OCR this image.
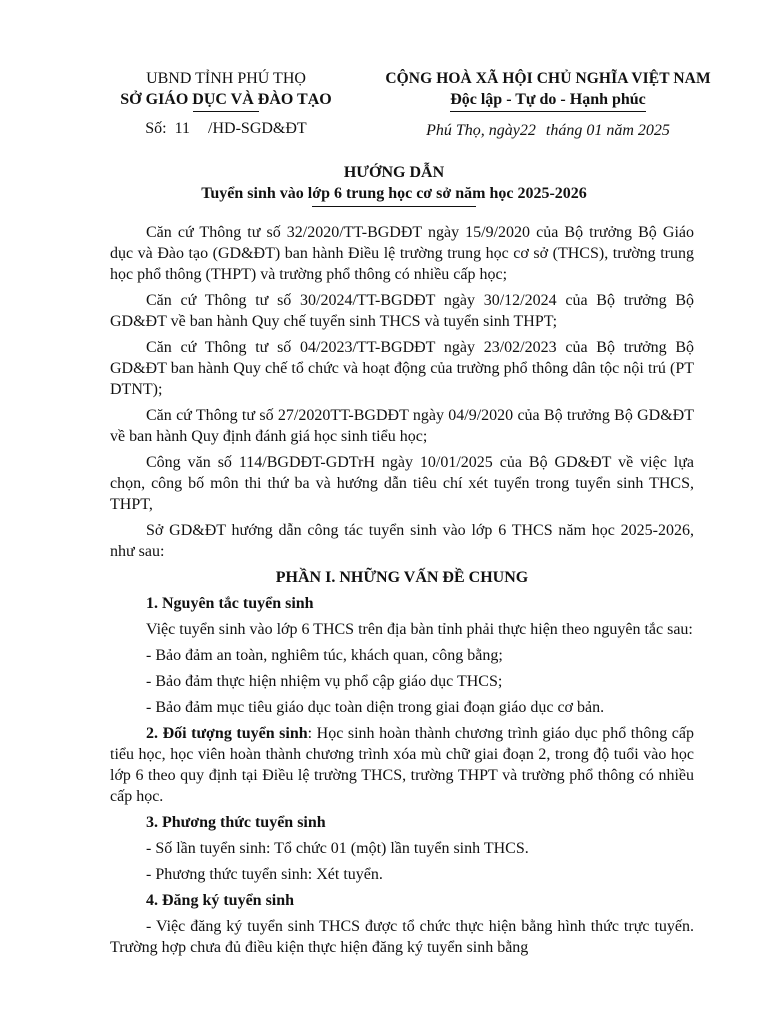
UBND TỈNH PHÚ THỌ
SỞ GIÁO DỤC VÀ ĐÀO TẠO
Số: 11 /HD-SGD&ĐT
CỘNG HOÀ XÃ HỘI CHỦ NGHĨA VIỆT NAM
Độc lập - Tự do - Hạnh phúc
Phú Thọ, ngày22 tháng 01 năm 2025
HƯỚNG DẪN
Tuyển sinh vào lớp 6 trung học cơ sở năm học 2025-2026

Căn cứ Thông tư số 32/2020/TT-BGDĐT ngày 15/9/2020 của Bộ trưởng Bộ Giáo dục và Đào tạo (GD&ĐT) ban hành Điều lệ trường trung học cơ sở (THCS), trường trung học phổ thông (THPT) và trường phổ thông có nhiều cấp học;

Căn cứ Thông tư số 30/2024/TT-BGDĐT ngày 30/12/2024 của Bộ trưởng Bộ GD&ĐT về ban hành Quy chế tuyển sinh THCS và tuyển sinh THPT;

Căn cứ Thông tư số 04/2023/TT-BGDĐT ngày 23/02/2023 của Bộ trưởng Bộ GD&ĐT ban hành Quy chế tổ chức và hoạt động của trường phổ thông dân tộc nội trú (PT DTNT);

Căn cứ Thông tư số 27/2020TT-BGDĐT ngày 04/9/2020 của Bộ trưởng Bộ GD&ĐT về ban hành Quy định đánh giá học sinh tiểu học;

Công văn số 114/BGDĐT-GDTrH ngày 10/01/2025 của Bộ GD&ĐT về việc lựa chọn, công bố môn thi thứ ba và hướng dẫn tiêu chí xét tuyển trong tuyển sinh THCS, THPT,

Sở GD&ĐT hướng dẫn công tác tuyển sinh vào lớp 6 THCS năm học 2025-2026, như sau:

PHẦN I. NHỮNG VẤN ĐỀ CHUNG
1. Nguyên tắc tuyển sinh

Việc tuyển sinh vào lớp 6 THCS trên địa bàn tỉnh phải thực hiện theo nguyên tắc sau:

- Bảo đảm an toàn, nghiêm túc, khách quan, công bằng;

- Bảo đảm thực hiện nhiệm vụ phổ cập giáo dục THCS;

- Bảo đảm mục tiêu giáo dục toàn diện trong giai đoạn giáo dục cơ bản.

2. Đối tượng tuyển sinh: Học sinh hoàn thành chương trình giáo dục phổ thông cấp tiểu học, học viên hoàn thành chương trình xóa mù chữ giai đoạn 2, trong độ tuổi vào học lớp 6 theo quy định tại Điều lệ trường THCS, trường THPT và trường phổ thông có nhiều cấp học.

3. Phương thức tuyển sinh

- Số lần tuyển sinh: Tổ chức 01 (một) lần tuyển sinh THCS.

- Phương thức tuyển sinh: Xét tuyển.

4. Đăng ký tuyển sinh

- Việc đăng ký tuyển sinh THCS được tổ chức thực hiện bằng hình thức trực tuyến. Trường hợp chưa đủ điều kiện thực hiện đăng ký tuyển sinh bằng
